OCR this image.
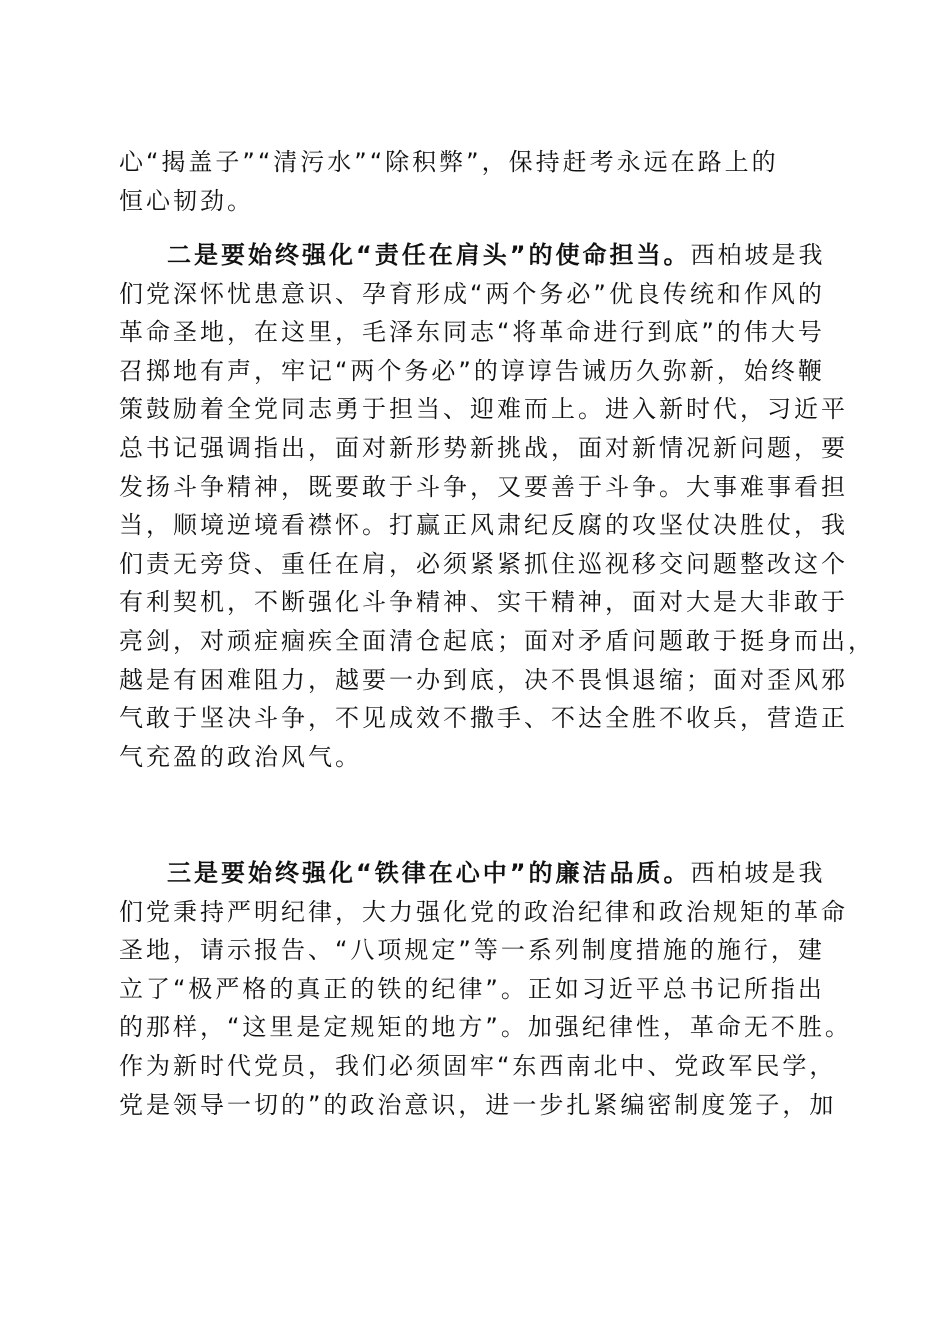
心“揭盖子”“清污水”“除积弊”，保持赶考永远在路上的
恒心韧劲。
二是要始终强化“责任在肩头”的使命担当。西柏坡是我
们党深怀忧患意识、孕育形成“两个务必”优良传统和作风的
革命圣地，在这里，毛泽东同志“将革命进行到底”的伟大号
召掷地有声，牢记“两个务必”的谆谆告诫历久弥新，始终鞭
策鼓励着全党同志勇于担当、迎难而上。进入新时代，习近平
总书记强调指出，面对新形势新挑战，面对新情况新问题，要
发扬斗争精神，既要敢于斗争，又要善于斗争。大事难事看担
当，顺境逆境看襟怀。打赢正风肃纪反腐的攻坚仗决胜仗，我
们责无旁贷、重任在肩，必须紧紧抓住巡视移交问题整改这个
有利契机，不断强化斗争精神、实干精神，面对大是大非敢于
亮剑，对顽症痼疾全面清仓起底；面对矛盾问题敢于挺身而出，
越是有困难阻力，越要一办到底，决不畏惧退缩；面对歪风邪
气敢于坚决斗争，不见成效不撒手、不达全胜不收兵，营造正
气充盈的政治风气。
三是要始终强化“铁律在心中”的廉洁品质。西柏坡是我
们党秉持严明纪律，大力强化党的政治纪律和政治规矩的革命
圣地，请示报告、“八项规定”等一系列制度措施的施行，建
立了“极严格的真正的铁的纪律”。正如习近平总书记所指出
的那样，“这里是定规矩的地方”。加强纪律性，革命无不胜。
作为新时代党员，我们必须固牢“东西南北中、党政军民学，
党是领导一切的”的政治意识，进一步扎紧编密制度笼子，加
